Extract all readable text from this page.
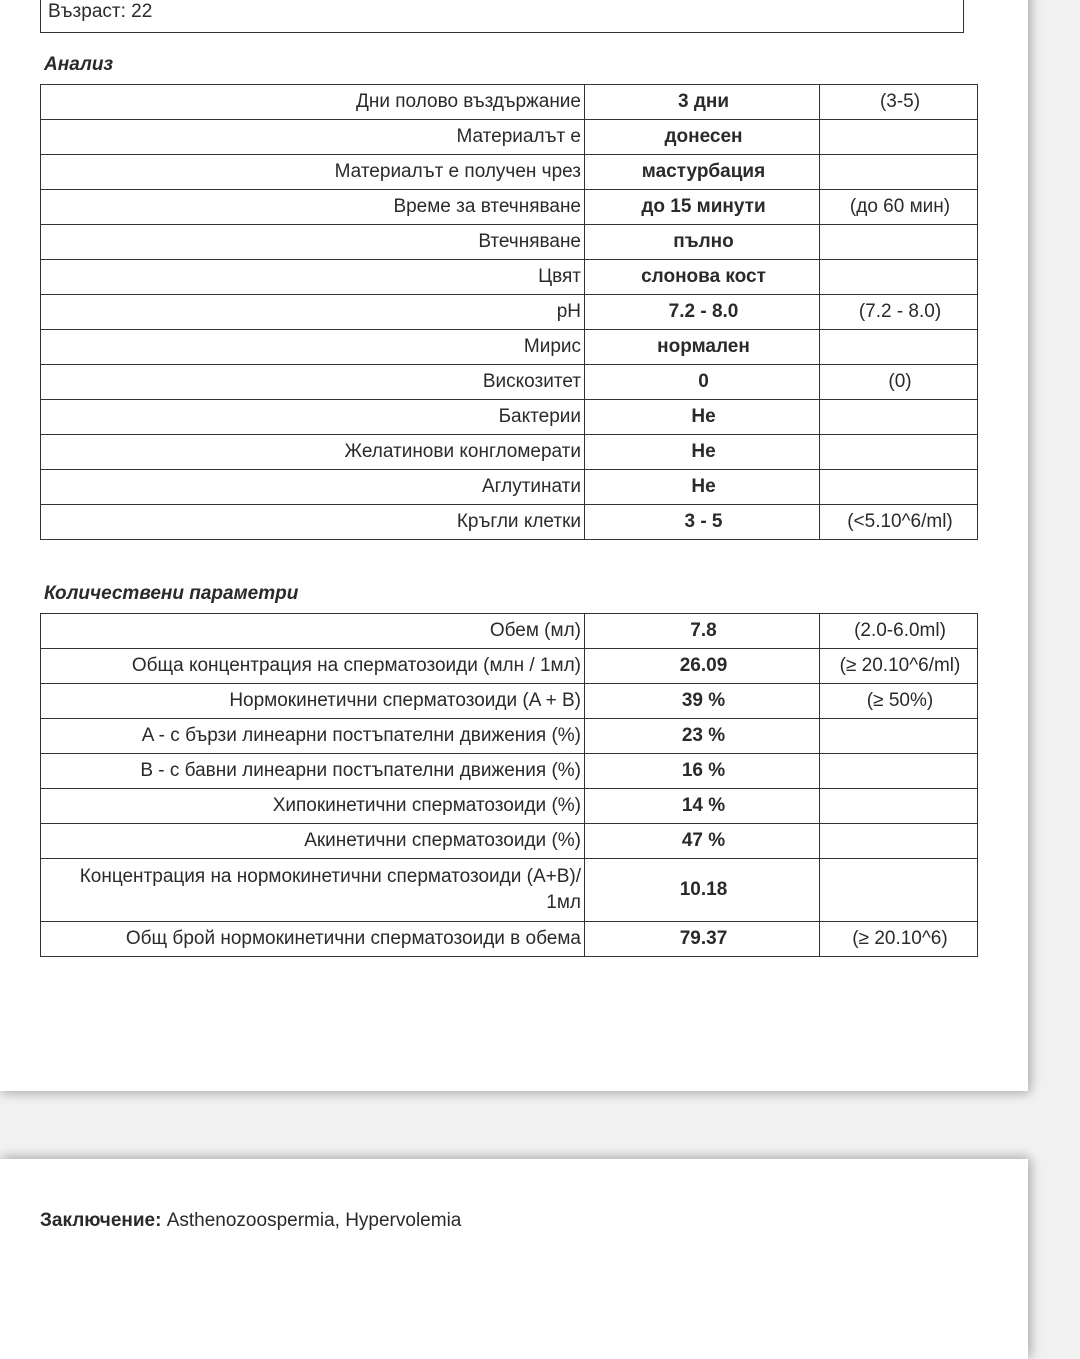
Възраст: 22
Анализ
Дни полово въздържание	3 дни	(3-5)
Материалът е	донесен	
Материалът е получен чрез	мастурбация	
Време за втечняване	до 15 минути	(до 60 мин)
Втечняване	пълно	
Цвят	слонова кост	
pH	7.2 - 8.0	(7.2 - 8.0)
Мирис	нормален	
Вискозитет	0	(0)
Бактерии	Не	
Желатинови конгломерати	Не	
Аглутинати	Не	
Кръгли клетки	3 - 5	(<5.10^6/ml)
Количествени параметри
Обем (мл)	7.8	(2.0-6.0ml)
Обща концентрация на сперматозоиди (млн / 1мл)	26.09	(≥ 20.10^6/ml)
Нормокинетични сперматозоиди (A + B)	39 %	(≥ 50%)
A - с бързи линеарни постъпателни движения (%)	23 %	
B - с бавни линеарни постъпателни движения (%)	16 %	
Хипокинетични сперматозоиди (%)	14 %	
Акинетични сперматозоиди (%)	47 %	
Концентрация на нормокинетични сперматозоиди (A+B)/ 1мл	10.18	
Общ брой нормокинетични сперматозоиди в обема	79.37	(≥ 20.10^6)
Заключение: Asthenozoospermia, Hypervolemia
